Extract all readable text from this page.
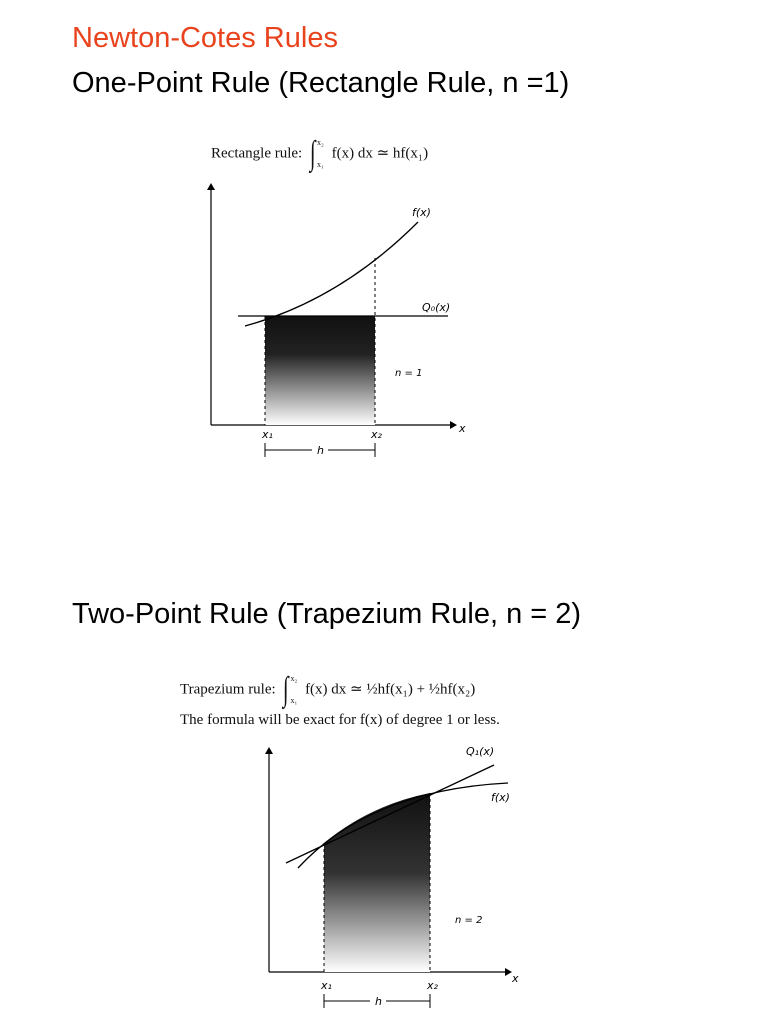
Newton-Cotes Rules
One-Point Rule (Rectangle Rule, n =1)
Rectangle rule: ∫ x₂
x₁
f(x) dx ≃ hf(x₁)
f(x)
Q₀(x)
n = 1
x
x₁	x₂
h
Q₁(x)
f(x)
n = 2
x
x₁	x₂
h
Two-Point Rule (Trapezium Rule, n = 2)
Trapezium rule: ∫ x₂
x₁
f(x) dx ≃ ½hf(x₁) + ½hf(x₂)
The formula will be exact for f(x) of degree 1 or less.
